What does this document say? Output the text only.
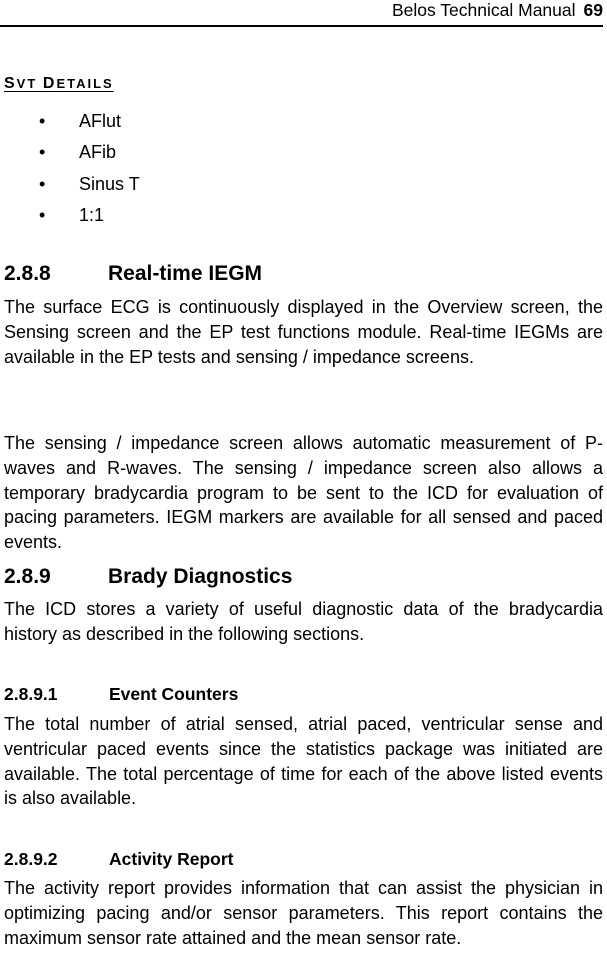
Belos Technical Manual 69
SVT DETAILS
• AFlut
• AFib
• Sinus T
• 1:1
2.8.8	Real-time IEGM

The surface ECG is continuously displayed in the Overview screen, the Sensing screen and the EP test functions module. Real-time IEGMs are available in the EP tests and sensing / impedance screens.

The sensing / impedance screen allows automatic measurement of P-waves and R-waves. The sensing / impedance screen also allows a temporary bradycardia program to be sent to the ICD for evaluation of pacing parameters. IEGM markers are available for all sensed and paced events.

2.8.9	Brady Diagnostics

The ICD stores a variety of useful diagnostic data of the bradycardia history as described in the following sections.

2.8.9.1	Event Counters

The total number of atrial sensed, atrial paced, ventricular sense and ventricular paced events since the statistics package was initiated are available. The total percentage of time for each of the above listed events is also available.

2.8.9.2	Activity Report

The activity report provides information that can assist the physician in optimizing pacing and/or sensor parameters. This report contains the maximum sensor rate attained and the mean sensor rate.
